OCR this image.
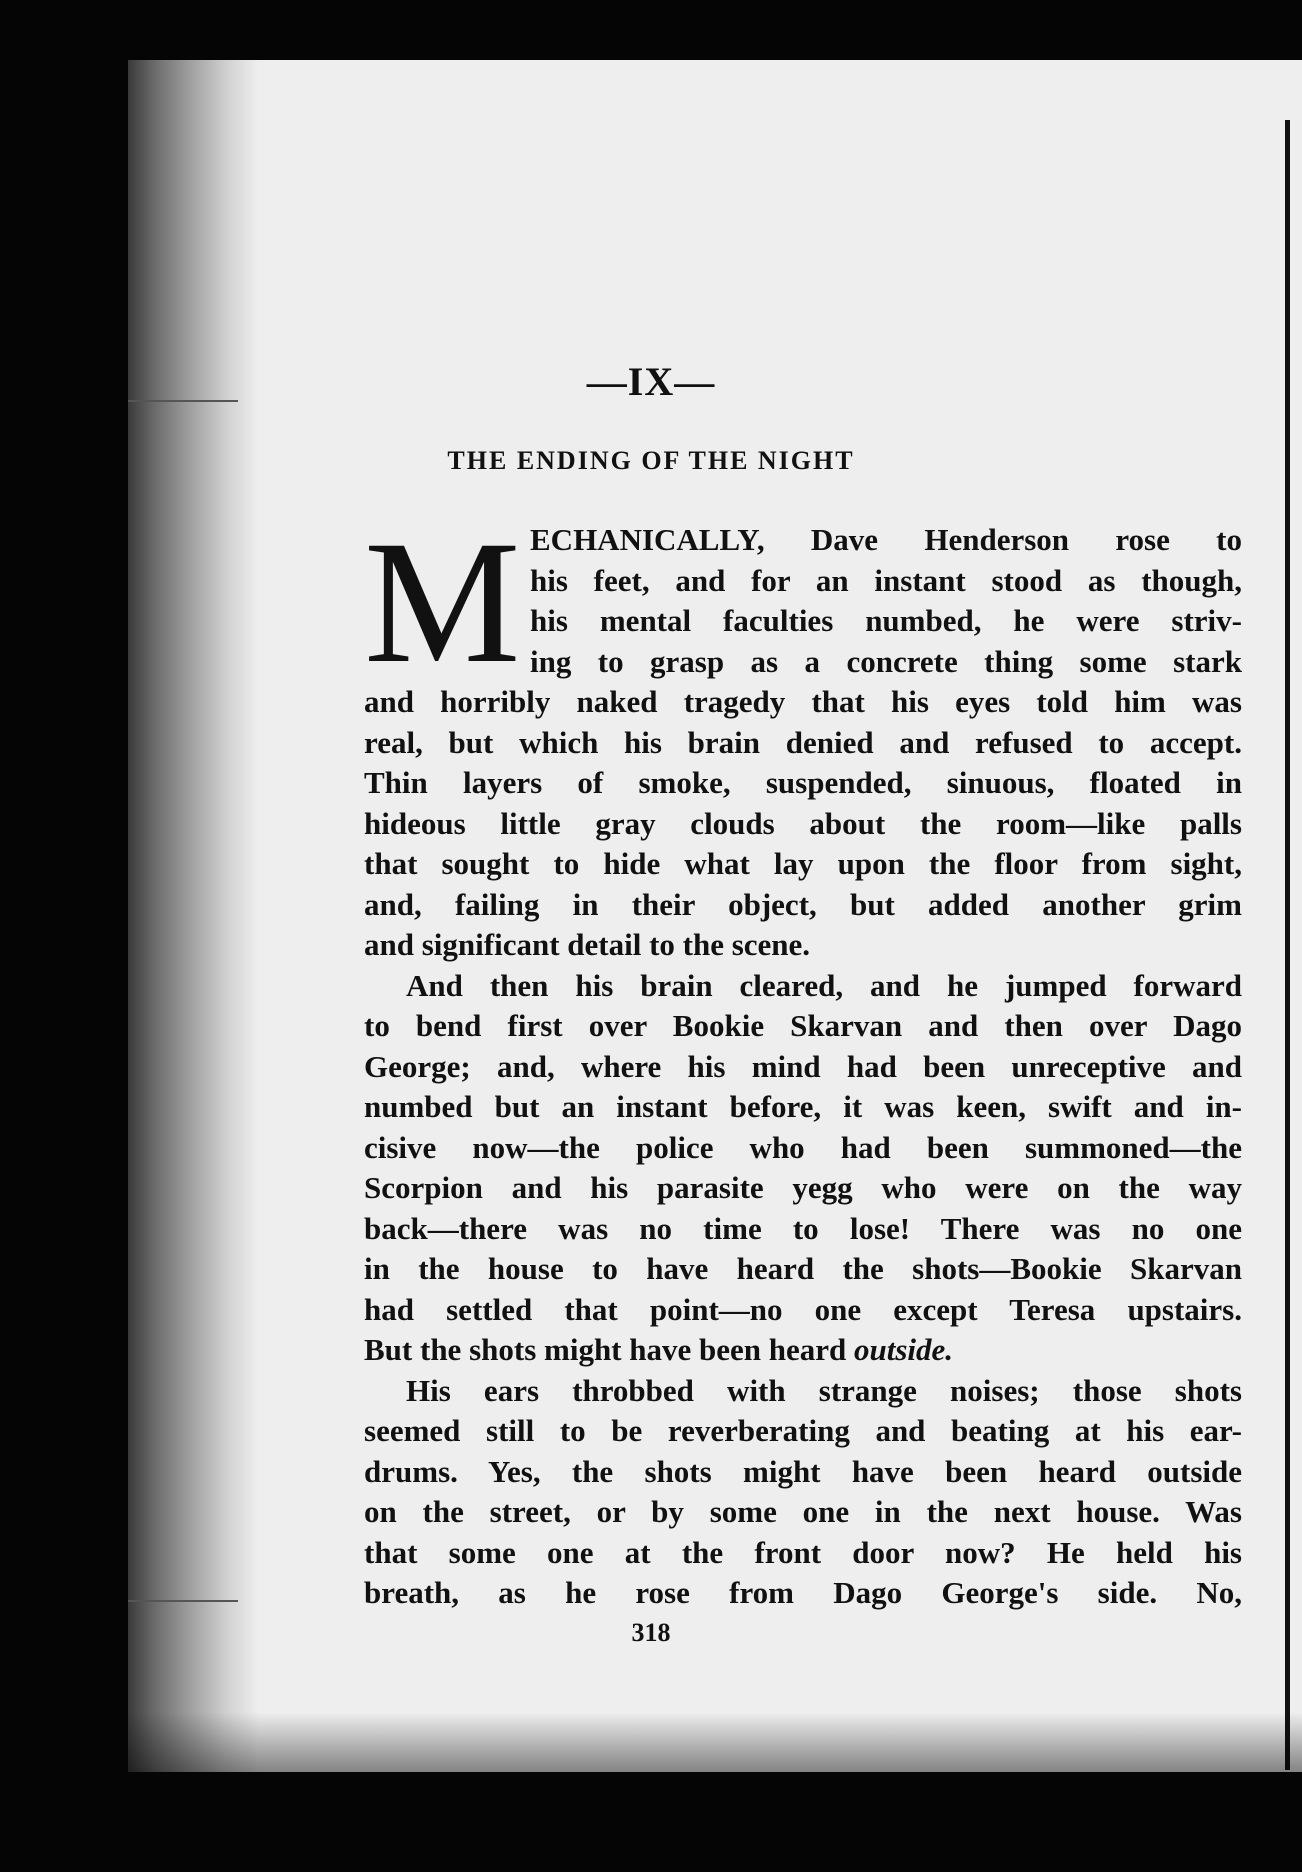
—IX—
THE ENDING OF THE NIGHT
M ECHANICALLY, Dave Henderson rose to
his feet, and for an instant stood as though,
his mental faculties numbed, he were striv-
ing to grasp as a concrete thing some stark
and horribly naked tragedy that his eyes told him was
real, but which his brain denied and refused to accept.
Thin layers of smoke, suspended, sinuous, floated in
hideous little gray clouds about the room—like palls
that sought to hide what lay upon the floor from sight,
and, failing in their object, but added another grim
and significant detail to the scene.
And then his brain cleared, and he jumped forward
to bend first over Bookie Skarvan and then over Dago
George; and, where his mind had been unreceptive and
numbed but an instant before, it was keen, swift and in-
cisive now—the police who had been summoned—the
Scorpion and his parasite yegg who were on the way
back—there was no time to lose! There was no one
in the house to have heard the shots—Bookie Skarvan
had settled that point—no one except Teresa upstairs.
But the shots might have been heard outside.
His ears throbbed with strange noises; those shots
seemed still to be reverberating and beating at his ear-
drums. Yes, the shots might have been heard outside
on the street, or by some one in the next house. Was
that some one at the front door now? He held his
breath, as he rose from Dago George's side. No,
318
